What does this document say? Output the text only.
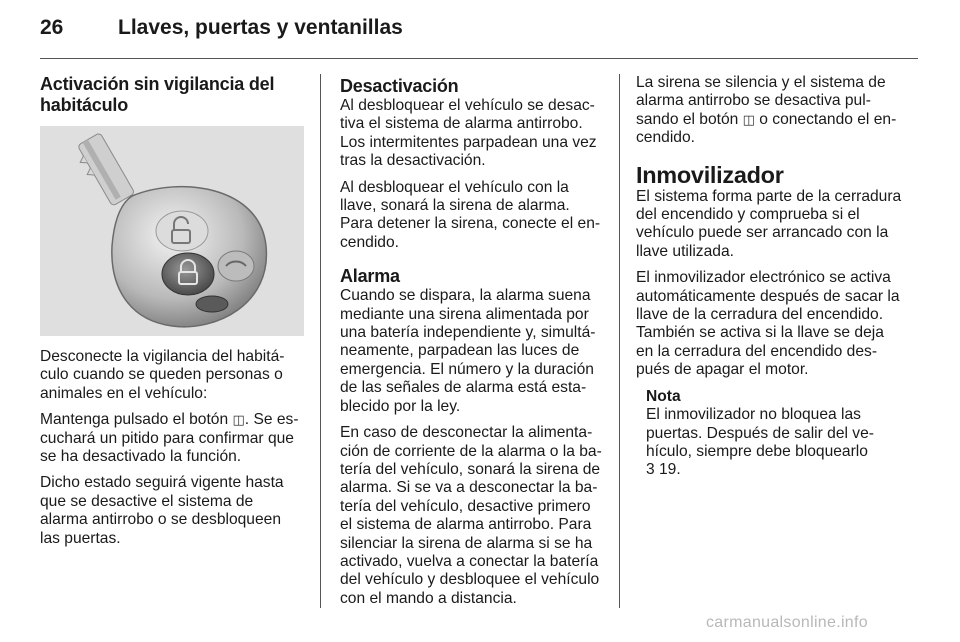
26	Llaves, puertas y ventanillas
Activación sin vigilancia del habitáculo

Desconecte la vigilancia del habitáculo cuando se queden personas o animales en el vehículo:

Mantenga pulsado el botón ◫. Se escuchará un pitido para confirmar que se ha desactivado la función.

Dicho estado seguirá vigente hasta que se desactive el sistema de alarma antirrobo o se desbloqueen las puertas.

Desactivación

Al desbloquear el vehículo se desactiva el sistema de alarma antirrobo. Los intermitentes parpadean una vez tras la desactivación.

Al desbloquear el vehículo con la llave, sonará la sirena de alarma. Para detener la sirena, conecte el encendido.

Alarma

Cuando se dispara, la alarma suena mediante una sirena alimentada por una batería independiente y, simultáneamente, parpadean las luces de emergencia. El número y la duración de las señales de alarma está establecido por la ley.

En caso de desconectar la alimentación de corriente de la alarma o la batería del vehículo, sonará la sirena de alarma. Si se va a desconectar la batería del vehículo, desactive primero el sistema de alarma antirrobo. Para silenciar la sirena de alarma si se ha activado, vuelva a conectar la batería del vehículo y desbloquee el vehículo con el mando a distancia.

La sirena se silencia y el sistema de alarma antirrobo se desactiva pulsando el botón ◫ o conectando el encendido.

Inmovilizador

El sistema forma parte de la cerradura del encendido y comprueba si el vehículo puede ser arrancado con la llave utilizada.

El inmovilizador electrónico se activa automáticamente después de sacar la llave de la cerradura del encendido. También se activa si la llave se deja en la cerradura del encendido después de apagar el motor.

Nota
El inmovilizador no bloquea las puertas. Después de salir del vehículo, siempre debe bloquearlo
3 19.
carmanualsonline.info
